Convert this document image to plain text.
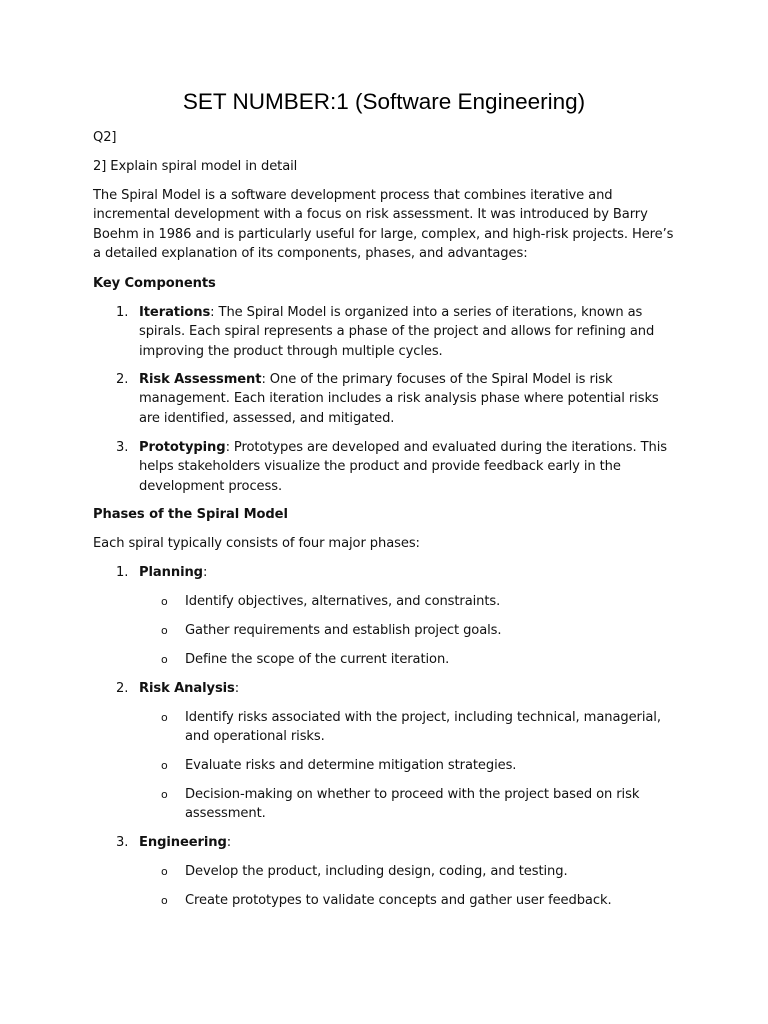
SET NUMBER:1 (Software Engineering)

Q2]

2] Explain spiral model in detail

The Spiral Model is a software development process that combines iterative and incremental development with a focus on risk assessment. It was introduced by Barry Boehm in 1986 and is particularly useful for large, complex, and high-risk projects. Here’s a detailed explanation of its components, phases, and advantages:

Key Components

1. Iterations: The Spiral Model is organized into a series of iterations, known as spirals. Each spiral represents a phase of the project and allows for refining and improving the product through multiple cycles.

2. Risk Assessment: One of the primary focuses of the Spiral Model is risk management. Each iteration includes a risk analysis phase where potential risks are identified, assessed, and mitigated.

3. Prototyping: Prototypes are developed and evaluated during the iterations. This helps stakeholders visualize the product and provide feedback early in the development process.

Phases of the Spiral Model

Each spiral typically consists of four major phases:

1. Planning:

o Identify objectives, alternatives, and constraints.

o Gather requirements and establish project goals.

o Define the scope of the current iteration.

2. Risk Analysis:

o Identify risks associated with the project, including technical, managerial, and operational risks.

o Evaluate risks and determine mitigation strategies.

o Decision-making on whether to proceed with the project based on risk assessment.

3. Engineering:

o Develop the product, including design, coding, and testing.

o Create prototypes to validate concepts and gather user feedback.
